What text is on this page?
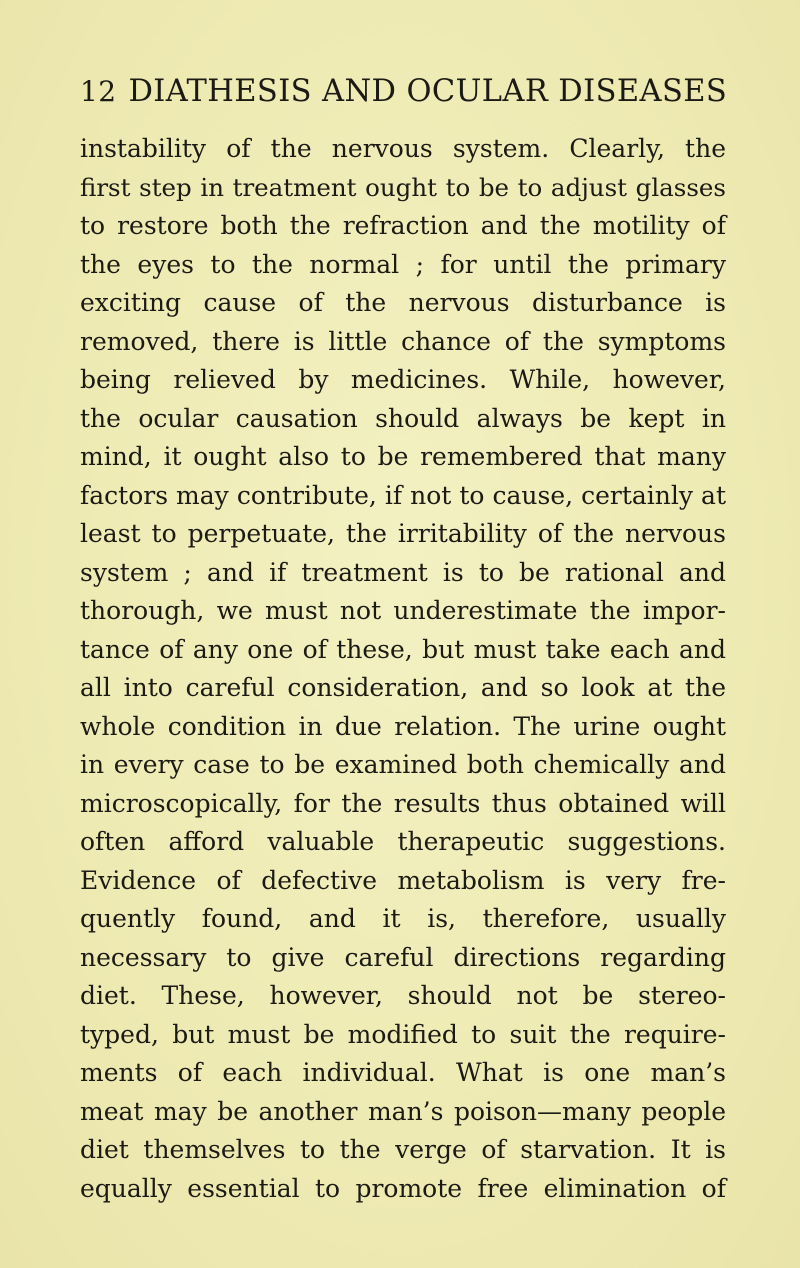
12 DIATHESIS AND OCULAR DISEASES
instability of the nervous system. Clearly, the
first step in treatment ought to be to adjust glasses
to restore both the refraction and the motility of
the eyes to the normal ; for until the primary
exciting cause of the nervous disturbance is
removed, there is little chance of the symptoms
being relieved by medicines. While, however,
the ocular causation should always be kept in
mind, it ought also to be remembered that many
factors may contribute, if not to cause, certainly at
least to perpetuate, the irritability of the nervous
system ; and if treatment is to be rational and
thorough, we must not underestimate the impor-
tance of any one of these, but must take each and
all into careful consideration, and so look at the
whole condition in due relation. The urine ought
in every case to be examined both chemically and
microscopically, for the results thus obtained will
often afford valuable therapeutic suggestions.
Evidence of defective metabolism is very fre-
quently found, and it is, therefore, usually
necessary to give careful directions regarding
diet. These, however, should not be stereo-
typed, but must be modified to suit the require-
ments of each individual. What is one man’s
meat may be another man’s poison—many people
diet themselves to the verge of starvation. It is
equally essential to promote free elimination of
